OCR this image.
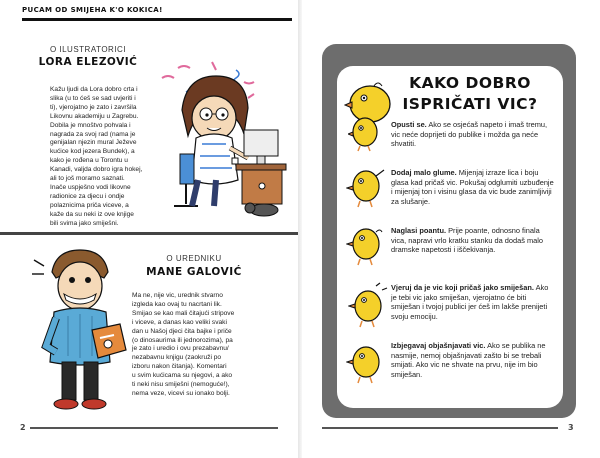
PUCAM OD SMIJEHA K'O KOKICA!
O ILUSTRATORICI
LORA ELEZOVIĆ
Kažu ljudi da Lora dobro crta i
slika (u to ćeš se sad uvjeriti i
ti), vjerojatno je zato i završila
Likovnu akademiju u Zagrebu.
Dobila je mnoštvo pohvala i
nagrada za svoj rad (nama je
genijalan njezin mural Ježeve
kućice kod jezera Bundek), a
kako je rođena u Torontu u
Kanadi, valjda dobro igra hokej,
ali to još moramo saznati.
Inače uspješno vodi likovne
radionice za djecu i ondje
polaznicima priča viceve, a
kaže da su neki iz ove knjige
bili svima jako smiješni.
O UREDNIKU
MANE GALOVIĆ
Ma ne, nije vic, urednik stvarno
izgleda kao ovaj tu nacrtani lik.
Smijao se kao mali čitajući stripove
i viceve, a danas kao veliki svaki
dan u Našoj djeci čita bajke i priče
(o dinosaurima ili jednorozima), pa
je zato i uredio i ovu prezabavnu/
nezabavnu knjigu (zaokruži po
izboru nakon čitanja). Komentari
u svim kućicama su njegovi, a ako
ti neki nisu smiješni (nemoguće!),
nema veze, vicevi su ionako bolji.
2
KAKO DOBRO
ISPRIČATI VIC?
Opusti se. Ako se osjećaš napeto i imaš tremu, vic neće doprijeti do publike i možda ga neće shvatiti.
Dodaj malo glume. Mijenjaj izraze lica i boju glasa kad pričaš vic. Pokušaj odglumiti uzbuđenje i mijenjaj ton i visinu glasa da vic bude zanimljiviji za slušanje.
Naglasi poantu. Prije poante, odnosno finala vica, napravi vrlo kratku stanku da dodaš malo dramske napetosti i iščekivanja.
Vjeruj da je vic koji pričaš jako smiješan. Ako je tebi vic jako smiješan, vjerojatno će biti smiješan i tvojoj publici jer ćeš im lakše prenijeti svoju emociju.
Izbjegavaj objašnjavati vic. Ako se publika ne nasmije, nemoj objašnjavati zašto bi se trebali smijati. Ako vic ne shvate na prvu, nije im bio smiješan.
3
